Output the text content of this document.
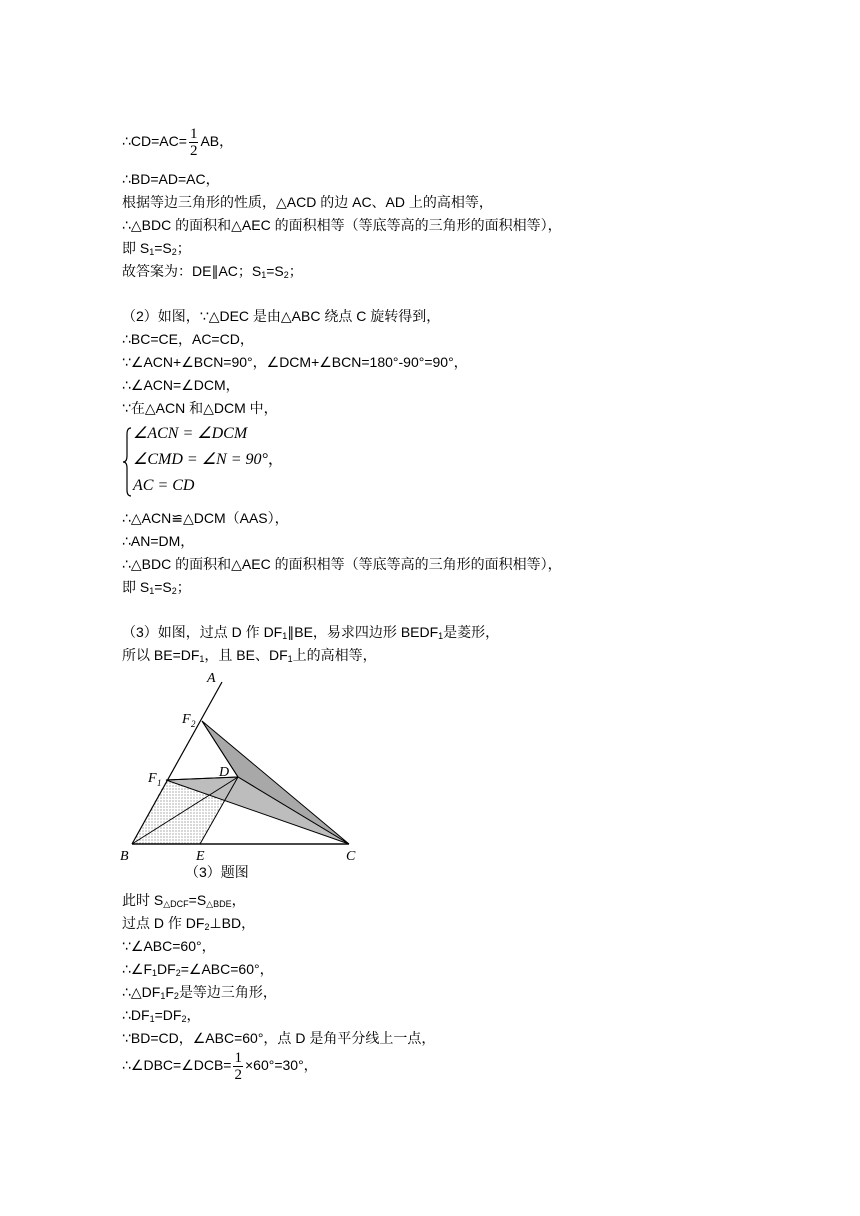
∴CD=AC= $\frac{1}{2}$ AB，
∴BD=AD=AC，
根据等边三角形的性质，△ACD 的边 AC、AD 上的高相等，
∴△BDC 的面积和△AEC 的面积相等（等底等高的三角形的面积相等），
即 $S_1=S_2$；
故答案为：DE∥AC；$S_1=S_2$；
（2）如图，∵△DEC 是由△ABC 绕点 C 旋转得到，
∴BC=CE，AC=CD，
∵∠ACN+∠BCN=90°，∠DCM+∠BCN=180°-90°=90°，
∴∠ACN=∠DCM，
∵在△ACN 和△DCM 中，
∠ACN = ∠DCM
∠CMD = ∠N = 90°，
AC = CD
∴△ACN≌△DCM（AAS），
∴AN=DM，
∴△BDC 的面积和△AEC 的面积相等（等底等高的三角形的面积相等），
即 $S_1=S_2$；
（3）如图，过点 D 作 $DF_1\parallel BE$，易求四边形 $BEDF_1$是菱形，
所以 $BE=DF_1$，且 BE、$DF_1$上的高相等，
A
F 2
F 1
D
B	E	C
（3）题图
此时 $S_{\triangle DCF}=S_{\triangle BDE}$，
过点 D 作 $DF_2\perp BD$，
∵∠ABC=60°，
$\therefore\angle F_1DF_2=\angle ABC=60^\circ$，
$\therefore\triangle DF_1F_2$是等边三角形，
$\therefore DF_1=DF_2$，
∵BD=CD，∠ABC=60°，点 D 是角平分线上一点，
∴∠DBC=∠DCB= $\frac{1}{2} \times 60^\circ=30^\circ$，
